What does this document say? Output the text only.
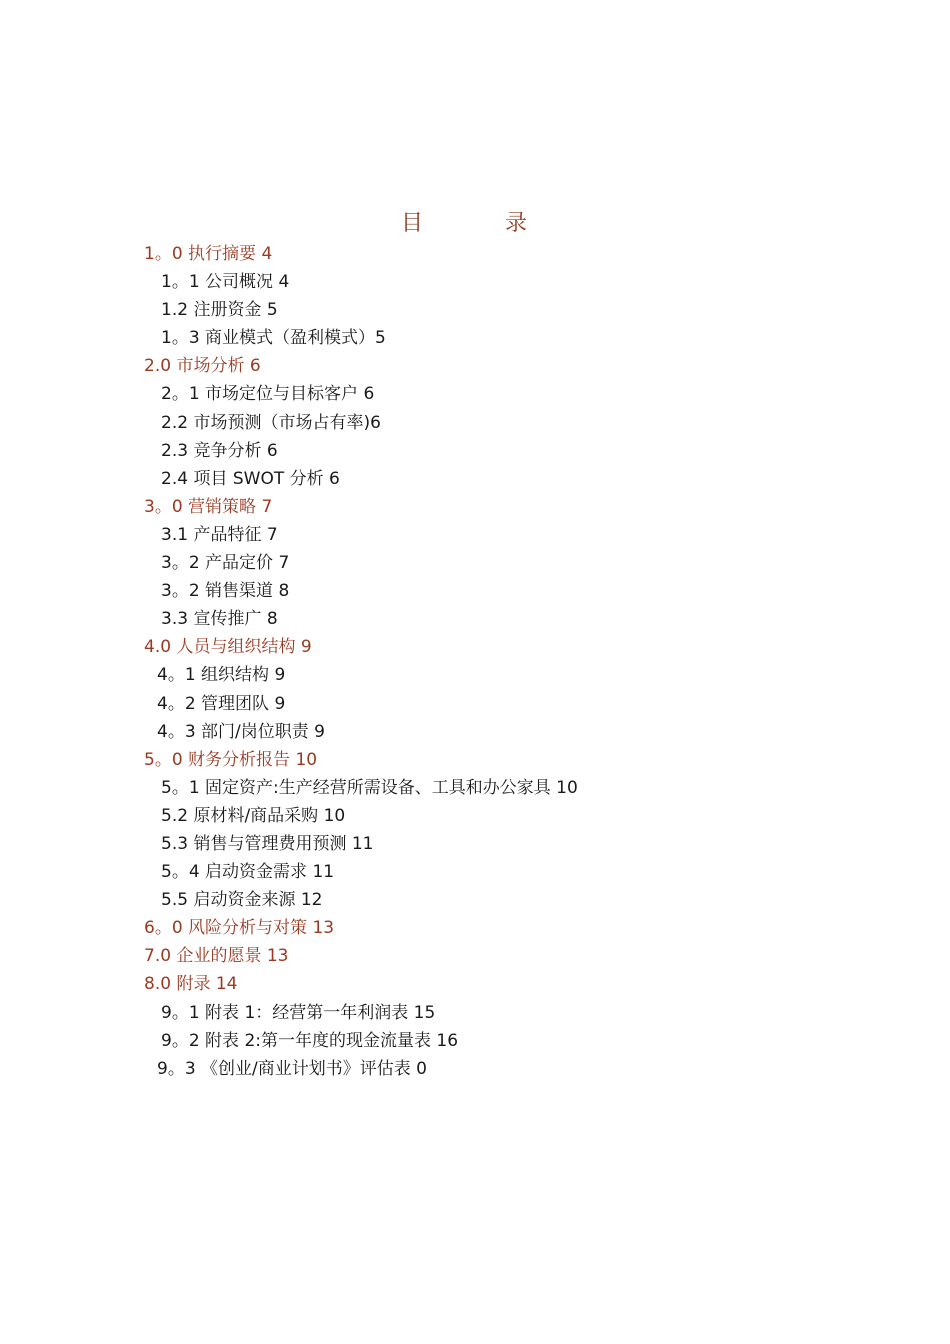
目　录
1。0 执行摘要 4
1。1 公司概况 4
1.2 注册资金 5
1。3 商业模式（盈利模式）5
2.0 市场分析 6
2。1 市场定位与目标客户 6
2.2 市场预测（市场占有率)6
2.3 竞争分析 6
2.4 项目 SWOT 分析 6
3。0 营销策略 7
3.1 产品特征 7
3。2 产品定价 7
3。2 销售渠道 8
3.3 宣传推广 8
4.0 人员与组织结构 9
4。1 组织结构 9
4。2 管理团队 9
4。3 部门/岗位职责 9
5。0 财务分析报告 10
5。1 固定资产:生产经营所需设备、工具和办公家具 10
5.2 原材料/商品采购 10
5.3 销售与管理费用预测 11
5。4 启动资金需求 11
5.5 启动资金来源 12
6。0 风险分析与对策 13
7.0 企业的愿景 13
8.0 附录 14
9。1 附表 1：经营第一年利润表 15
9。2 附表 2:第一年度的现金流量表 16
9。3 《创业/商业计划书》评估表 0
